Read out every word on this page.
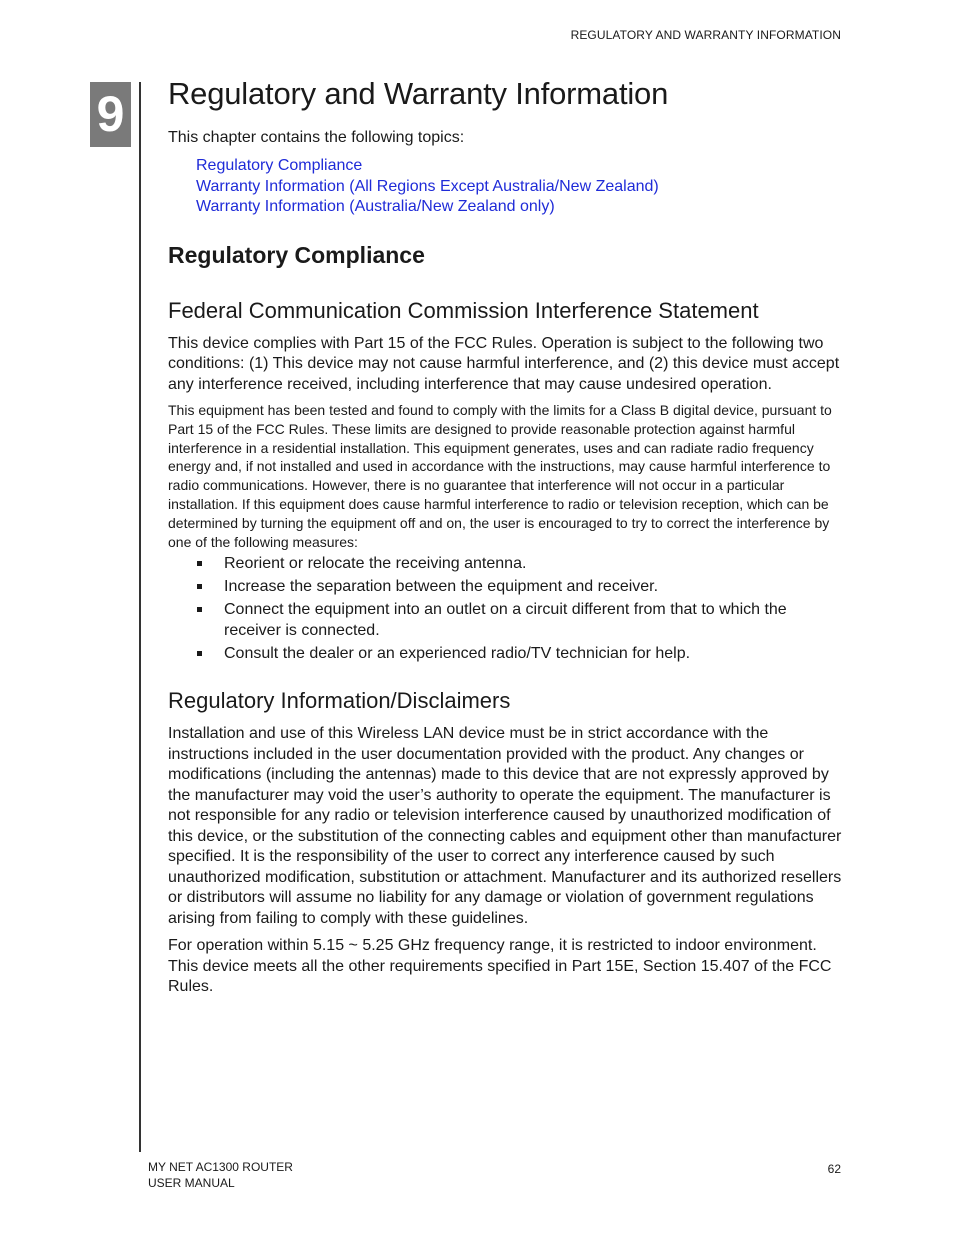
REGULATORY AND WARRANTY INFORMATION
9 Regulatory and Warranty Information

This chapter contains the following topics:

Regulatory Compliance
Warranty Information (All Regions Except Australia/New Zealand)
Warranty Information (Australia/New Zealand only)
Regulatory Compliance
Federal Communication Commission Interference Statement

This device complies with Part 15 of the FCC Rules. Operation is subject to the following two conditions: (1) This device may not cause harmful interference, and (2) this device must accept any interference received, including interference that may cause undesired operation.

This equipment has been tested and found to comply with the limits for a Class B digital device, pursuant to Part 15 of the FCC Rules. These limits are designed to provide reasonable protection against harmful interference in a residential installation. This equipment generates, uses and can radiate radio frequency energy and, if not installed and used in accordance with the instructions, may cause harmful interference to radio communications. However, there is no guarantee that interference will not occur in a particular installation. If this equipment does cause harmful interference to radio or television reception, which can be determined by turning the equipment off and on, the user is encouraged to try to correct the interference by one of the following measures:

Reorient or relocate the receiving antenna.
Increase the separation between the equipment and receiver.
Connect the equipment into an outlet on a circuit different from that to which the receiver is connected.
Consult the dealer or an experienced radio/TV technician for help.
Regulatory Information/Disclaimers

Installation and use of this Wireless LAN device must be in strict accordance with the instructions included in the user documentation provided with the product. Any changes or modifications (including the antennas) made to this device that are not expressly approved by the manufacturer may void the user’s authority to operate the equipment. The manufacturer is not responsible for any radio or television interference caused by unauthorized modification of this device, or the substitution of the connecting cables and equipment other than manufacturer specified. It is the responsibility of the user to correct any interference caused by such unauthorized modification, substitution or attachment. Manufacturer and its authorized resellers or distributors will assume no liability for any damage or violation of government regulations arising from failing to comply with these guidelines.

For operation within 5.15 ~ 5.25 GHz frequency range, it is restricted to indoor environment. This device meets all the other requirements specified in Part 15E, Section 15.407 of the FCC Rules.

MY NET AC1300 ROUTER
USER MANUAL
62
